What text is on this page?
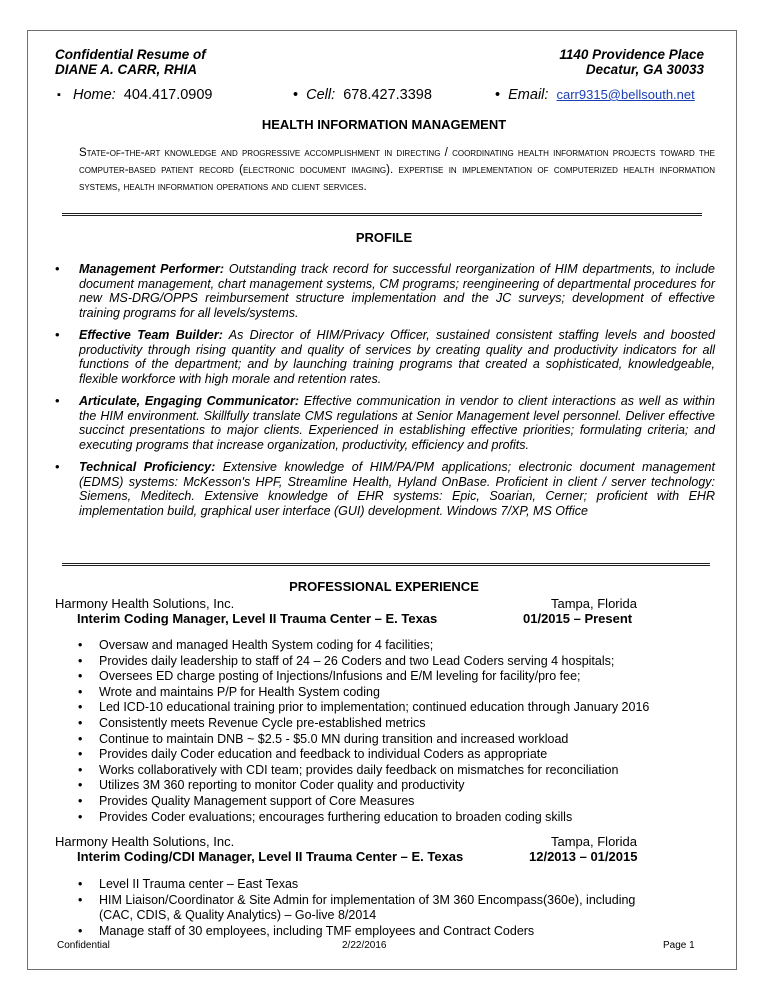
Confidential Resume of
DIANE A. CARR, RHIA
1140 Providence Place
Decatur, GA 30033
▪ Home: 404.417.0909	• Cell: 678.427.3398	• Email: carr9315@bellsouth.net
HEALTH INFORMATION MANAGEMENT
State-of-the-art knowledge and progressive accomplishment in directing / coordinating health information projects toward the computer-based patient record (electronic document imaging). expertise in implementation of computerized health information systems, health information operations and client services.
PROFILE
• Management Performer: Outstanding track record for successful reorganization of HIM departments, to include document management, chart management systems, CM programs; reengineering of departmental procedures for new MS-DRG/OPPS reimbursement structure implementation and the JC surveys; development of effective training programs for all levels/systems.
• Effective Team Builder: As Director of HIM/Privacy Officer, sustained consistent staffing levels and boosted productivity through rising quantity and quality of services by creating quality and productivity indicators for all functions of the department; and by launching training programs that created a sophisticated, knowledgeable, flexible workforce with high morale and retention rates.
• Articulate, Engaging Communicator: Effective communication in vendor to client interactions as well as within the HIM environment. Skillfully translate CMS regulations at Senior Management level personnel. Deliver effective succinct presentations to major clients. Experienced in establishing effective priorities; formulating criteria; and executing programs that increase organization, productivity, efficiency and profits.
• Technical Proficiency: Extensive knowledge of HIM/PA/PM applications; electronic document management (EDMS) systems: McKesson's HPF, Streamline Health, Hyland OnBase. Proficient in client / server technology: Siemens, Meditech. Extensive knowledge of EHR systems: Epic, Soarian, Cerner; proficient with EHR implementation build, graphical user interface (GUI) development. Windows 7/XP, MS Office
PROFESSIONAL EXPERIENCE
Harmony Health Solutions, Inc.	Tampa, Florida
Interim Coding Manager, Level II Trauma Center – E. Texas	01/2015 – Present
• Oversaw and managed Health System coding for 4 facilities;
• Provides daily leadership to staff of 24 – 26 Coders and two Lead Coders serving 4 hospitals;
• Oversees ED charge posting of Injections/Infusions and E/M leveling for facility/pro fee;
• Wrote and maintains P/P for Health System coding
• Led ICD-10 educational training prior to implementation; continued education through January 2016
• Consistently meets Revenue Cycle pre-established metrics
• Continue to maintain DNB ~ $2.5 - $5.0 MN during transition and increased workload
• Provides daily Coder education and feedback to individual Coders as appropriate
• Works collaboratively with CDI team; provides daily feedback on mismatches for reconciliation
• Utilizes 3M 360 reporting to monitor Coder quality and productivity
• Provides Quality Management support of Core Measures
• Provides Coder evaluations; encourages furthering education to broaden coding skills
Harmony Health Solutions, Inc.	Tampa, Florida
Interim Coding/CDI Manager, Level II Trauma Center – E. Texas	12/2013 – 01/2015
• Level II Trauma center – East Texas
• HIM Liaison/Coordinator & Site Admin for implementation of 3M 360 Encompass(360e), including
(CAC, CDIS, & Quality Analytics) – Go-live 8/2014
• Manage staff of 30 employees, including TMF employees and Contract Coders
Confidential	2/22/2016	Page 1
